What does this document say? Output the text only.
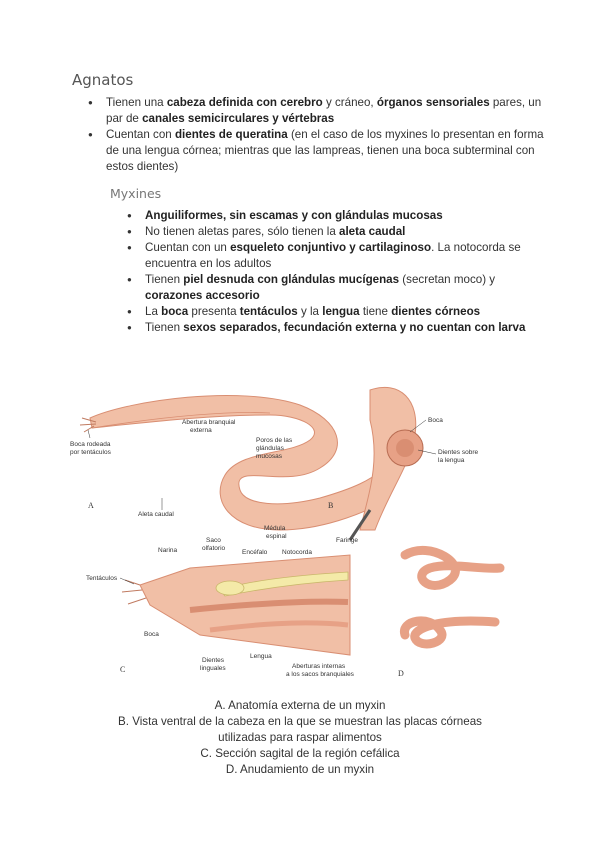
Agnatos
● Tienen una cabeza definida con cerebro y cráneo, órganos sensoriales pares, un par de canales semicirculares y vértebras
● Cuentan con dientes de queratina (en el caso de los myxines lo presentan en forma de una lengua córnea; mientras que las lampreas, tienen una boca subterminal con estos dientes)
Myxines
● Anguiliformes, sin escamas y con glándulas mucosas
● No tienen aletas pares, sólo tienen la aleta caudal
● Cuentan con un esqueleto conjuntivo y cartilaginoso. La notocorda se encuentra en los adultos
● Tienen piel desnuda con glándulas mucígenas (secretan moco) y corazones accesorio
● La boca presenta tentáculos y la lengua tiene dientes córneos
● Tienen sexos separados, fecundación externa y no cuentan con larva
Boca rodeada
por tentáculos
Abertura branquial
externa
Poros de las
glándulas
mucosas
Aleta caudal
A	B
Boca
Dientes sobre
la lengua
Médula
espinal
Saco
olfatorio
Narina	Encéfalo Notocorda
Faringe
Tentáculos
Boca
Dientes
linguales
Lengua
Aberturas internas
a los sacos branquiales
C	D
A. Anatomía externa de un myxin
B. Vista ventral de la cabeza en la que se muestran las placas córneas
utilizadas para raspar alimentos
C. Sección sagital de la región cefálica
D. Anudamiento de un myxin
